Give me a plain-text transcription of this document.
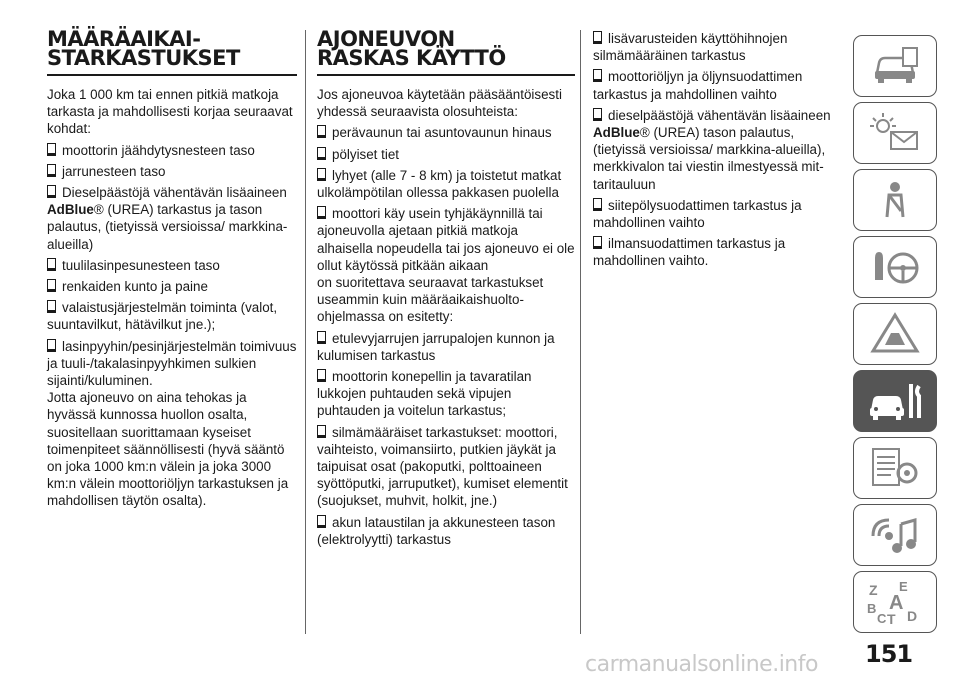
MÄÄRÄAIKAI-
STARKASTUKSET
Joka 1 000 km tai ennen pitkiä matkoja tarkasta ja mahdollisesti korjaa seuraavat kohdat:
moottorin jäähdytysnesteen taso
jarrunesteen taso
Dieselpäästöjä vähentävän lisäaineen AdBlue® (UREA) tarkastus ja tason palautus, (tietyissä versioissa/ markkina-alueilla)
tuulilasinpesunesteen taso
renkaiden kunto ja paine
valaistusjärjestelmän toiminta (valot, suuntavilkut, hätävilkut jne.);
lasinpyyhin/pesinjärjestelmän toimivuus ja tuuli-/takalasinpyyhkimen sulkien sijainti/kuluminen.
Jotta ajoneuvo on aina tehokas ja hyvässä kunnossa huollon osalta, suositellaan suorittamaan kyseiset toimenpiteet säännöllisesti (hyvä sääntö on joka 1000 km:n välein ja joka 3000 km:n välein moottoriöljyn tarkastuksen ja mahdollisen täytön osalta).
AJONEUVON
RASKAS KÄYTTÖ
Jos ajoneuvoa käytetään pääsääntöisesti yhdessä seuraavista olosuhteista:
perävaunun tai asuntovaunun hinaus
pölyiset tiet
lyhyet (alle 7 - 8 km) ja toistetut matkat ulkolämpötilan ollessa pakkasen puolella
moottori käy usein tyhjäkäynnillä tai ajoneuvolla ajetaan pitkiä matkoja alhaisella nopeudella tai jos ajoneuvo ei ole ollut käytössä pitkään aikaan
on suoritettava seuraavat tarkastukset useammin kuin määräaikaishuolto-ohjelmassa on esitetty:
etulevyjarrujen jarrupalojen kunnon ja kulumisen tarkastus
moottorin konepellin ja tavaratilan lukkojen puhtauden sekä vipujen puhtauden ja voitelun tarkastus;
silmämääräiset tarkastukset: moottori, vaihteisto, voimansiirto, putkien jäykät ja taipuisat osat (pakoputki, polttoaineen syöttöputki, jarruputket), kumiset elementit (suojukset, muhvit, holkit, jne.)
akun lataustilan ja akkunesteen tason (elektrolyytti) tarkastus
lisävarusteiden käyttöhihnojen silmämääräinen tarkastus
moottoriöljyn ja öljynsuodattimen tarkastus ja mahdollinen vaihto
dieselpäästöjä vähentävän lisäaineen
AdBlue® (UREA) tason palautus, (tietyissä versioissa/ markkina-alueilla), merkkivalon tai viestin ilmestyessä mit-taritauluun
siitepölysuodattimen tarkastus ja mahdollinen vaihto
ilmansuodattimen tarkastus ja mahdollinen vaihto.
Z E
B A
C T D
151
carmanualsonline.info
